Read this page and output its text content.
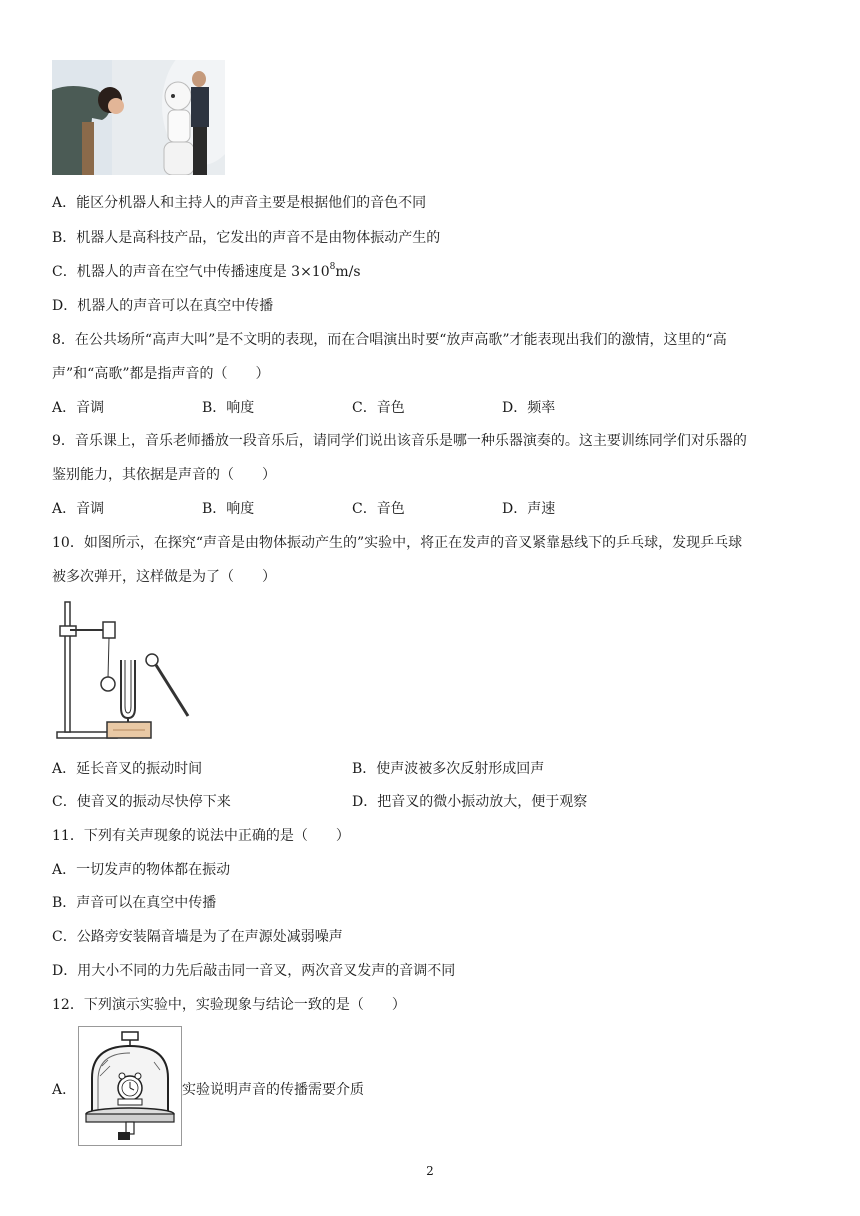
A．能区分机器人和主持人的声音主要是根据他们的音色不同
B．机器人是高科技产品，它发出的声音不是由物体振动产生的
C．机器人的声音在空气中传播速度是 $3\times 10^8m/s$
D．机器人的声音可以在真空中传播
8．在公共场所“高声大叫”是不文明的表现，而在合唱演出时要“放声高歌”才能表现出我们的激情，这里的“高
声”和“高歌”都是指声音的（　　）
A．音调	B．响度	C．音色	D．频率
9．音乐课上，音乐老师播放一段音乐后，请同学们说出该音乐是哪一种乐器演奏的。这主要训练同学们对乐器的
鉴别能力，其依据是声音的（　　）
A．音调	B．响度	C．音色	D．声速
10．如图所示，在探究“声音是由物体振动产生的”实验中，将正在发声的音叉紧靠悬线下的乒乓球，发现乒乓球
被多次弹开，这样做是为了（　　）
A．延长音叉的振动时间	B．使声波被多次反射形成回声
C．使音叉的振动尽快停下来	D．把音叉的微小振动放大，便于观察
11．下列有关声现象的说法中正确的是（　　）
A．一切发声的物体都在振动
B．声音可以在真空中传播
C．公路旁安装隔音墙是为了在声源处减弱噪声
D．用大小不同的力先后敲击同一音叉，两次音叉发声的音调不同
12．下列演示实验中，实验现象与结论一致的是（　　）
A．	实验说明声音的传播需要介质
2
